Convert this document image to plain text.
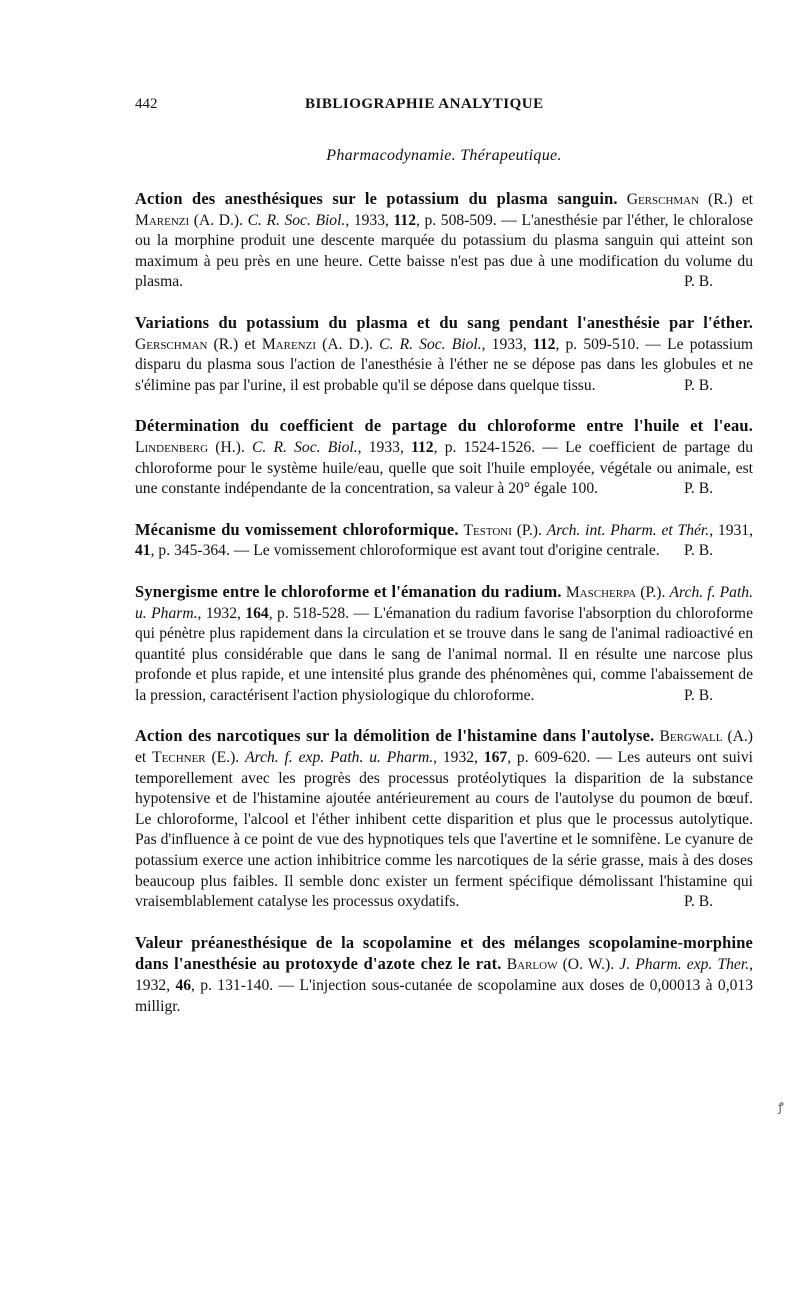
442	BIBLIOGRAPHIE ANALYTIQUE
Pharmacodynamie. Thérapeutique.
Action des anesthésiques sur le potassium du plasma sanguin. Gerschman (R.) et Marenzi (A. D.). C. R. Soc. Biol., 1933, 112, p. 508-509. — L'anesthésie par l'éther, le chloralose ou la morphine produit une descente marquée du potassium du plasma sanguin qui atteint son maximum à peu près en une heure. Cette baisse n'est pas due à une modification du volume du plasma.	P. B.
Variations du potassium du plasma et du sang pendant l'anesthésie par l'éther. Gerschman (R.) et Marenzi (A. D.). C. R. Soc. Biol., 1933, 112, p. 509-510. — Le potassium disparu du plasma sous l'action de l'anesthésie à l'éther ne se dépose pas dans les globules et ne s'élimine pas par l'urine, il est probable qu'il se dépose dans quelque tissu.	P. B.
Détermination du coefficient de partage du chloroforme entre l'huile et l'eau. Lindenberg (H.). C. R. Soc. Biol., 1933, 112, p. 1524-1526. — Le coefficient de partage du chloroforme pour le système huile/eau, quelle que soit l'huile employée, végétale ou animale, est une constante indépendante de la concentration, sa valeur à 20° égale 100.	P. B.
Mécanisme du vomissement chloroformique. Testoni (P.). Arch. int. Pharm. et Thér., 1931, 41, p. 345-364. — Le vomissement chloroformique est avant tout d'origine centrale. P. B.
Synergisme entre le chloroforme et l'émanation du radium. Mascherpa (P.). Arch. f. Path. u. Pharm., 1932, 164, p. 518-528. — L'émanation du radium favorise l'absorption du chloroforme qui pénètre plus rapidement dans la circulation et se trouve dans le sang de l'animal radioactivé en quantité plus considérable que dans le sang de l'animal normal. Il en résulte une narcose plus profonde et plus rapide, et une intensité plus grande des phénomènes qui, comme l'abaissement de la pression, caractérisent l'action physiologique du chloroforme.	P. B.
Action des narcotiques sur la démolition de l'histamine dans l'autolyse. Bergwall (A.) et Techner (E.). Arch. f. exp. Path. u. Pharm., 1932, 167, p. 609-620. — Les auteurs ont suivi temporellement avec les progrès des processus protéolytiques la disparition de la substance hypotensive et de l'histamine ajoutée antérieurement au cours de l'autolyse du poumon de bœuf. Le chloroforme, l'alcool et l'éther inhibent cette disparition et plus que le processus autolytique. Pas d'influence à ce point de vue des hypnotiques tels que l'avertine et le somnifène. Le cyanure de potassium exerce une action inhibitrice comme les narcotiques de la série grasse, mais à des doses beaucoup plus faibles. Il semble donc exister un ferment spécifique démolissant l'histamine qui vraisemblablement catalyse les processus oxydatifs.	P. B.
Valeur préanesthésique de la scopolamine et des mélanges scopolamine-morphine dans l'anesthésie au protoxyde d'azote chez le rat. Barlow (O. W.). J. Pharm. exp. Ther., 1932, 46, p. 131-140. — L'injection sous-cutanée de scopolamine aux doses de 0,00013 à 0,013 milligr.
ꝭ
